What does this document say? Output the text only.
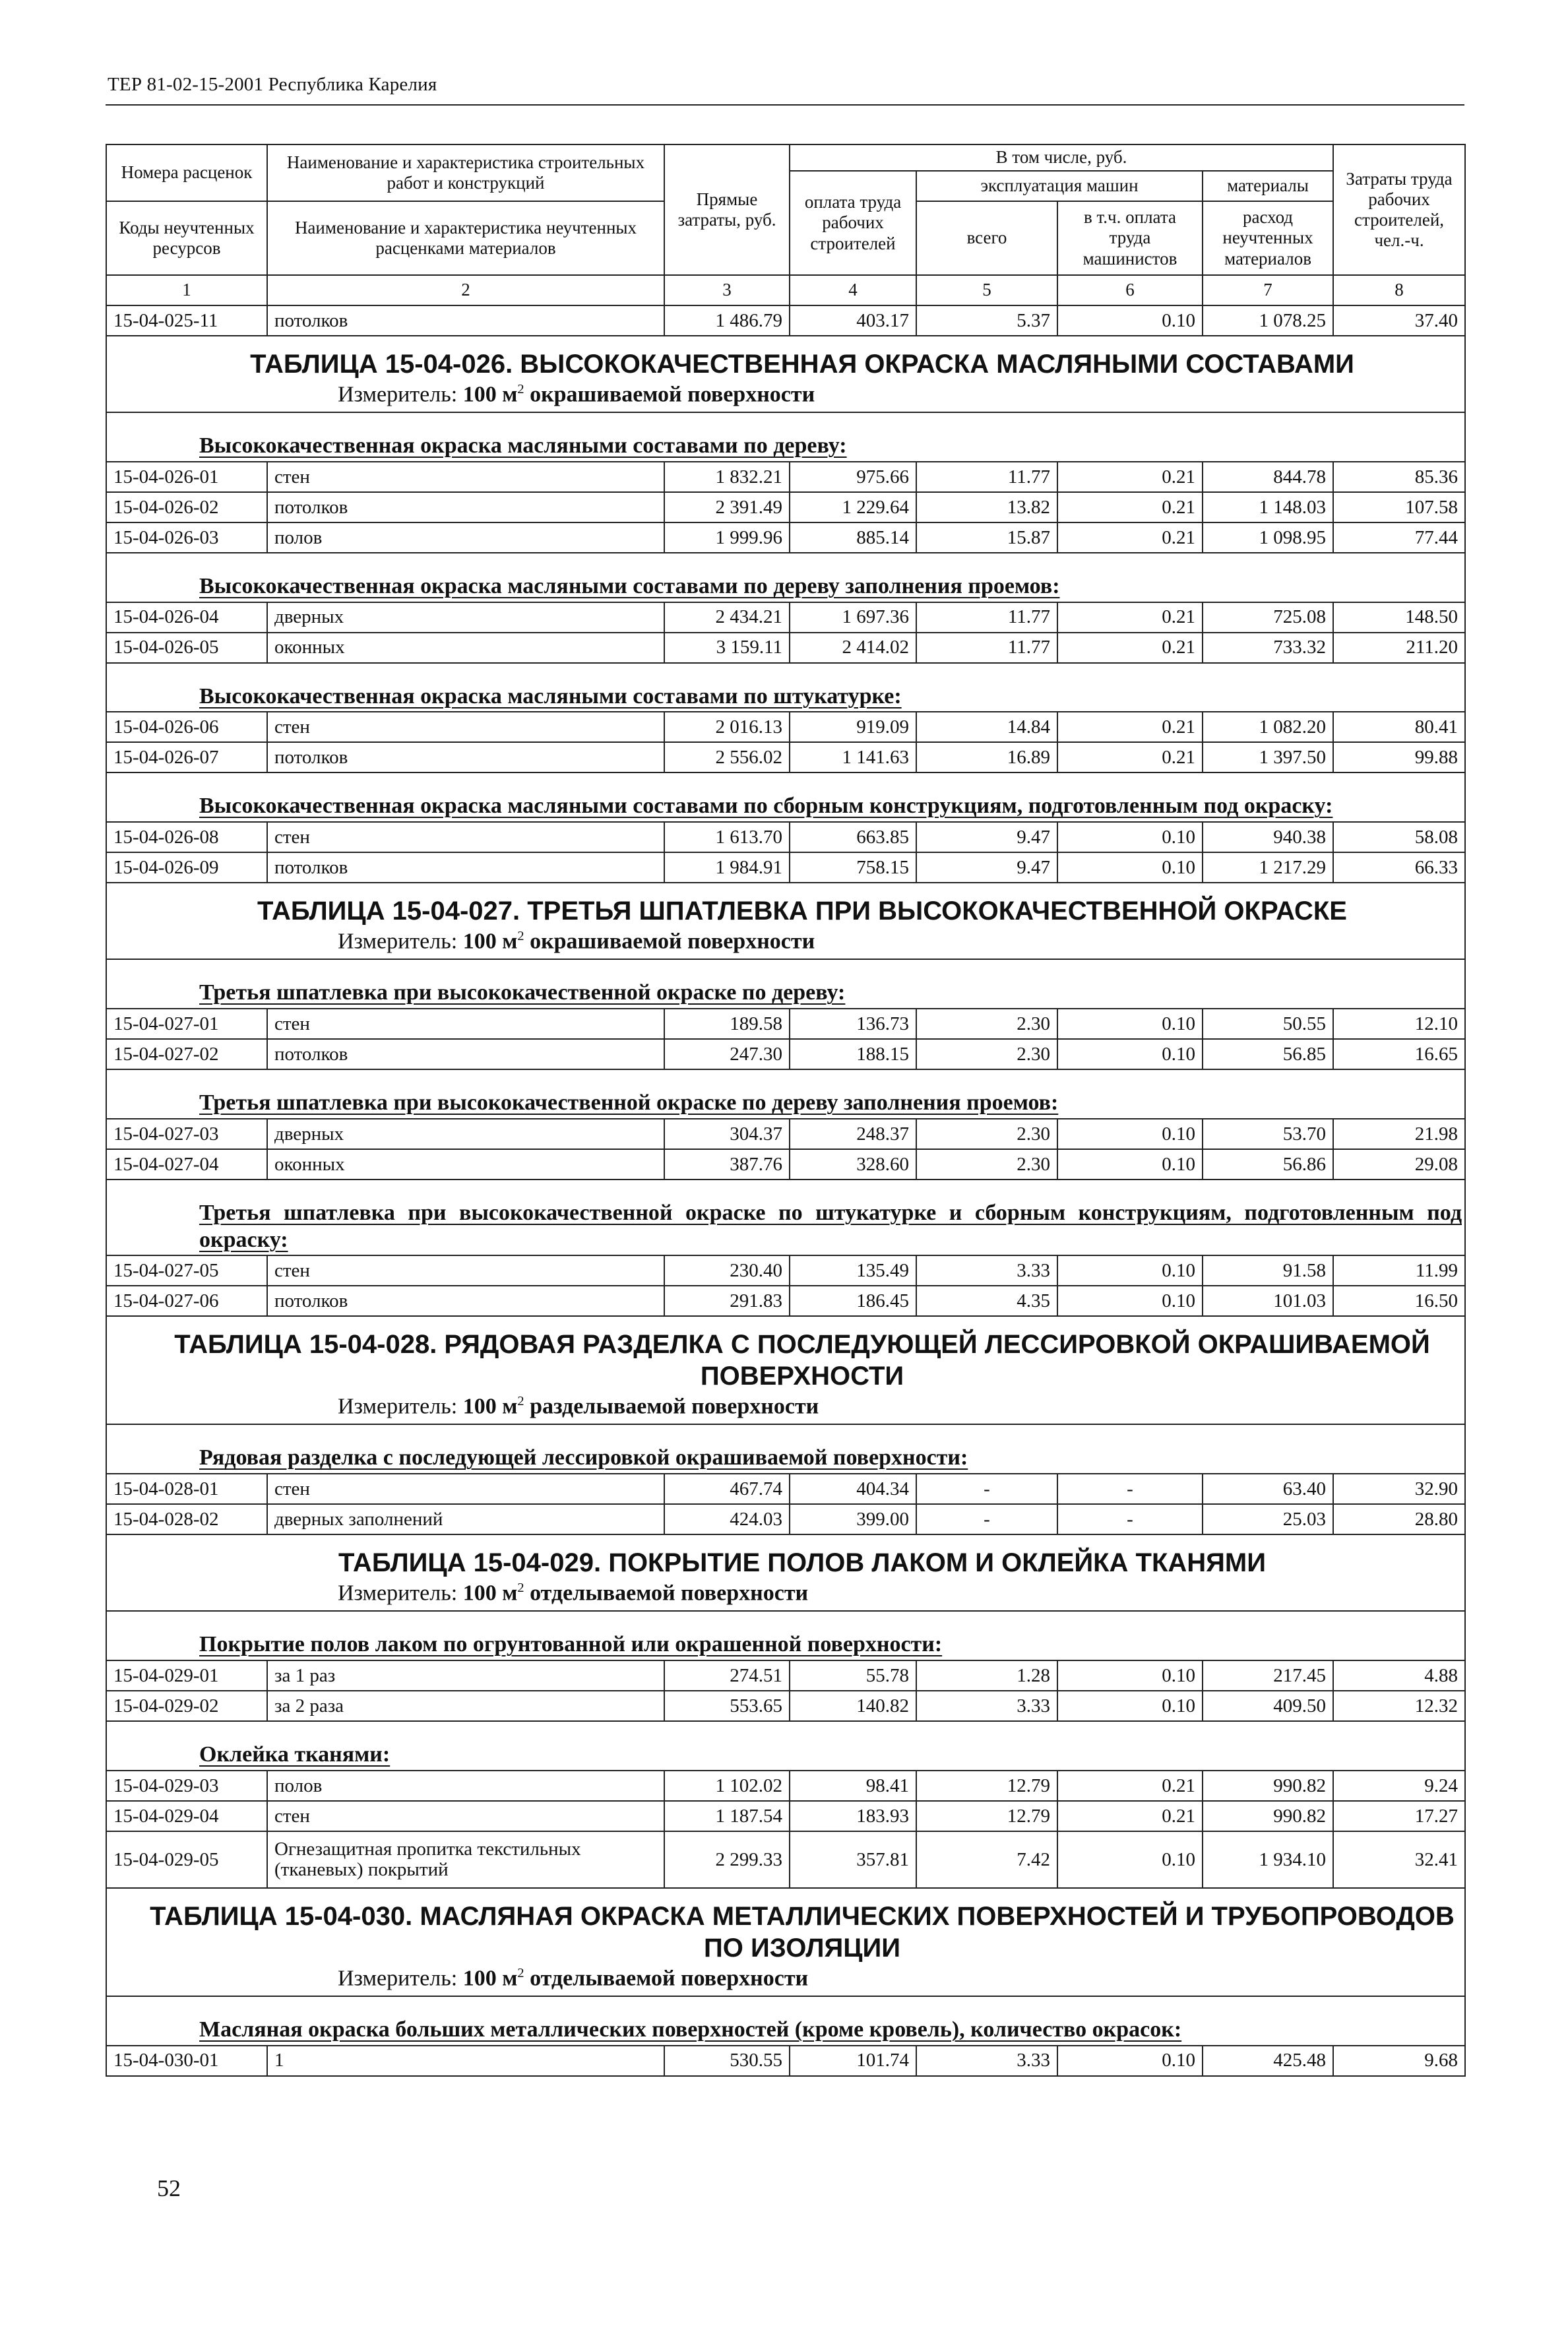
ТЕР 81-02-15-2001 Республика Карелия
Номера расценок	Наименование и характеристика строительных работ и конструкций	Прямые затраты, руб.	В том числе, руб.				Затраты труда рабочих строителей, чел.-ч.
			оплата труда рабочих строителей	эксплуатация машин		материалы	
Коды неучтенных ресурсов	Наименование и характеристика неучтенных расценками материалов			всего	в т.ч. оплата труда машинистов	расход неучтенных материалов	

1	2	3	4	5	6	7	8
15-04-025-11	потолков	1 486.79	403.17	5.37	0.10	1 078.25	37.40

ТАБЛИЦА 15-04-026. ВЫСОКОКАЧЕСТВЕННАЯ ОКРАСКА МАСЛЯНЫМИ СОСТАВАМИ
Измеритель: 100 $м^2$ окрашиваемой поверхности							

Высококачественная окраска масляными составами по дереву:							
15-04-026-01	стен	1 832.21	975.66	11.77	0.21	844.78	85.36
15-04-026-02	потолков	2 391.49	1 229.64	13.82	0.21	1 148.03	107.58
15-04-026-03	полов	1 999.96	885.14	15.87	0.21	1 098.95	77.44
Высококачественная окраска масляными составами по дереву заполнения проемов:							
15-04-026-04	дверных	2 434.21	1 697.36	11.77	0.21	725.08	148.50
15-04-026-05	оконных	3 159.11	2 414.02	11.77	0.21	733.32	211.20
Высококачественная окраска масляными составами по штукатурке:							
15-04-026-06	стен	2 016.13	919.09	14.84	0.21	1 082.20	80.41
15-04-026-07	потолков	2 556.02	1 141.63	16.89	0.21	1 397.50	99.88
Высококачественная окраска масляными составами по сборным конструкциям, подготовленным под окраску:							
15-04-026-08	стен	1 613.70	663.85	9.47	0.10	940.38	58.08
15-04-026-09	потолков	1 984.91	758.15	9.47	0.10	1 217.29	66.33

ТАБЛИЦА 15-04-027. ТРЕТЬЯ ШПАТЛЕВКА ПРИ ВЫСОКОКАЧЕСТВЕННОЙ ОКРАСКЕ
Измеритель: 100 $м^2$ окрашиваемой поверхности							

Третья шпатлевка при высококачественной окраске по дереву:							
15-04-027-01	стен	189.58	136.73	2.30	0.10	50.55	12.10
15-04-027-02	потолков	247.30	188.15	2.30	0.10	56.85	16.65
Третья шпатлевка при высококачественной окраске по дереву заполнения проемов:							
15-04-027-03	дверных	304.37	248.37	2.30	0.10	53.70	21.98
15-04-027-04	оконных	387.76	328.60	2.30	0.10	56.86	29.08
Третья шпатлевка при высококачественной окраске по штукатурке и сборным конструкциям, подготовленным под окраску:							
15-04-027-05	стен	230.40	135.49	3.33	0.10	91.58	11.99
15-04-027-06	потолков	291.83	186.45	4.35	0.10	101.03	16.50

ТАБЛИЦА 15-04-028. РЯДОВАЯ РАЗДЕЛКА С ПОСЛЕДУЮЩЕЙ ЛЕССИРОВКОЙ ОКРАШИВАЕМОЙ ПОВЕРХНОСТИ
Измеритель: 100 $м^2$ разделываемой поверхности							

Рядовая разделка с последующей лессировкой окрашиваемой поверхности:							
15-04-028-01	стен	467.74	404.34	-	-	63.40	32.90
15-04-028-02	дверных заполнений	424.03	399.00	-	-	25.03	28.80

ТАБЛИЦА 15-04-029. ПОКРЫТИЕ ПОЛОВ ЛАКОМ И ОКЛЕЙКА ТКАНЯМИ
Измеритель: 100 $м^2$ отделываемой поверхности							

Покрытие полов лаком по огрунтованной или окрашенной поверхности:							
15-04-029-01	за 1 раз	274.51	55.78	1.28	0.10	217.45	4.88
15-04-029-02	за 2 раза	553.65	140.82	3.33	0.10	409.50	12.32
Оклейка тканями:							
15-04-029-03	полов	1 102.02	98.41	12.79	0.21	990.82	9.24
15-04-029-04	стен	1 187.54	183.93	12.79	0.21	990.82	17.27
15-04-029-05	Огнезащитная пропитка текстильных (тканевых) покрытий	2 299.33	357.81	7.42	0.10	1 934.10	32.41

ТАБЛИЦА 15-04-030. МАСЛЯНАЯ ОКРАСКА МЕТАЛЛИЧЕСКИХ ПОВЕРХНОСТЕЙ И ТРУБОПРОВОДОВ ПО ИЗОЛЯЦИИ
Измеритель: 100 $м^2$ отделываемой поверхности							

Масляная окраска больших металлических поверхностей (кроме кровель), количество окрасок:							
15-04-030-01	1	530.55	101.74	3.33	0.10	425.48	9.68
52
